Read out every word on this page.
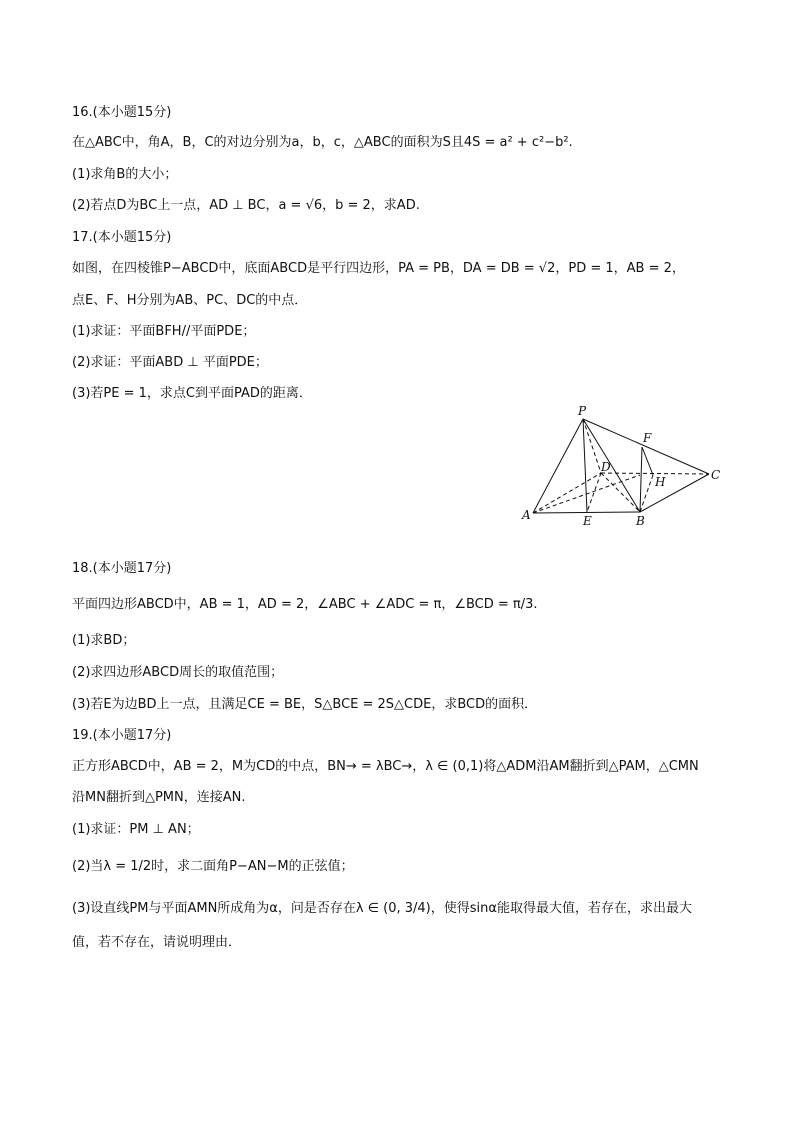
16.(本小题15分)
在△ABC中，角A，B，C的对边分别为a，b，c，△ABC的面积为S且4S = a² + c²−b².
(1)求角B的大小；
(2)若点D为BC上一点，AD ⊥ BC，a = √6，b = 2，求AD.
17.(本小题15分)
如图，在四棱锥P−ABCD中，底面ABCD是平行四边形，PA = PB，DA = DB = √2，PD = 1，AB = 2，
点E、F、H分别为AB、PC、DC的中点．
(1)求证：平面BFH//平面PDE；
(2)求证：平面ABD ⊥ 平面PDE；
(3)若PE = 1，求点C到平面PAD的距离．
P
F
D
C
H
A	E	B
18.(本小题17分)
平面四边形ABCD中，AB = 1，AD = 2，∠ABC + ∠ADC = π，∠BCD = π/3.
(1)求BD；
(2)求四边形ABCD周长的取值范围；
(3)若E为边BD上一点，且满足CE = BE，S△BCE = 2S△CDE，求BCD的面积．
19.(本小题17分)
正方形ABCD中，AB = 2，M为CD的中点，BN→ = λBC→，λ ∈ (0,1)将△ADM沿AM翻折到△PAM，△CMN
沿MN翻折到△PMN，连接AN.
(1)求证：PM ⊥ AN；
(2)当λ = 1/2时，求二面角P−AN−M的正弦值；
(3)设直线PM与平面AMN所成角为α，问是否存在λ ∈ (0, 3/4)，使得sinα能取得最大值，若存在，求出最大
值，若不存在，请说明理由．
